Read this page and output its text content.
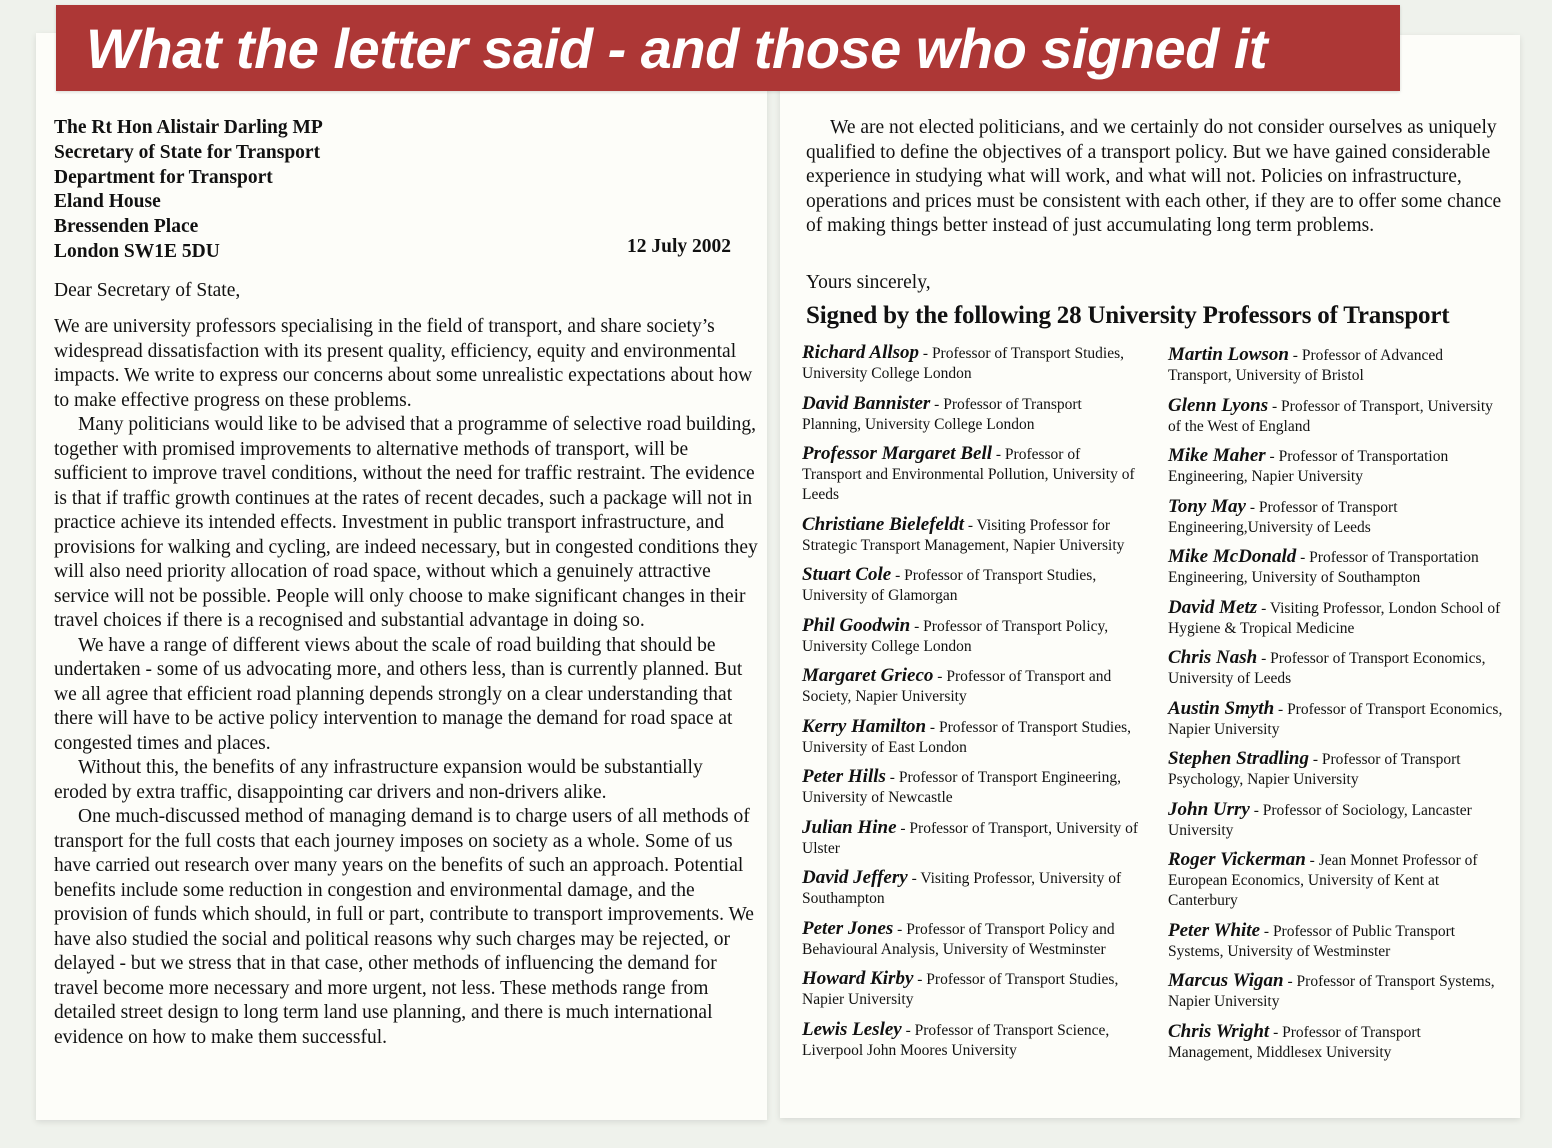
What the letter said - and those who signed it
The Rt Hon Alistair Darling MP
Secretary of State for Transport
Department for Transport
Eland House
Bressenden Place
London SW1E 5DU	12 July 2002
Dear Secretary of State,

We are university professors specialising in the field of transport, and share society’s widespread dissatisfaction with its present quality, efficiency, equity and environmental impacts. We write to express our concerns about some unrealistic expectations about how to make effective progress on these problems.

Many politicians would like to be advised that a programme of selective road building, together with promised improvements to alternative methods of transport, will be sufficient to improve travel conditions, without the need for traffic restraint. The evidence is that if traffic growth continues at the rates of recent decades, such a package will not in practice achieve its intended effects. Investment in public transport infrastructure, and provisions for walking and cycling, are indeed necessary, but in congested conditions they will also need priority allocation of road space, without which a genuinely attractive service will not be possible. People will only choose to make significant changes in their travel choices if there is a recognised and substantial advantage in doing so.

We have a range of different views about the scale of road building that should be undertaken - some of us advocating more, and others less, than is currently planned. But we all agree that efficient road planning depends strongly on a clear understanding that there will have to be active policy intervention to manage the demand for road space at congested times and places.

Without this, the benefits of any infrastructure expansion would be substantially eroded by extra traffic, disappointing car drivers and non-drivers alike.

One much-discussed method of managing demand is to charge users of all methods of transport for the full costs that each journey imposes on society as a whole. Some of us have carried out research over many years on the benefits of such an approach. Potential benefits include some reduction in congestion and environmental damage, and the provision of funds which should, in full or part, contribute to transport improvements. We have also studied the social and political reasons why such charges may be rejected, or delayed - but we stress that in that case, other methods of influencing the demand for travel become more necessary and more urgent, not less. These methods range from detailed street design to long term land use planning, and there is much international evidence on how to make them successful.

We are not elected politicians, and we certainly do not consider ourselves as uniquely qualified to define the objectives of a transport policy. But we have gained considerable experience in studying what will work, and what will not. Policies on infrastructure, operations and prices must be consistent with each other, if they are to offer some chance of making things better instead of just accumulating long term problems.

Yours sincerely,
Signed by the following 28 University Professors of Transport
Richard Allsop - Professor of Transport Studies, University College London
David Bannister - Professor of Transport Planning, University College London
Professor Margaret Bell - Professor of Transport and Environmental Pollution, University of Leeds
Christiane Bielefeldt - Visiting Professor for Strategic Transport Management, Napier University
Stuart Cole - Professor of Transport Studies, University of Glamorgan
Phil Goodwin - Professor of Transport Policy, University College London
Margaret Grieco - Professor of Transport and Society, Napier University
Kerry Hamilton - Professor of Transport Studies, University of East London
Peter Hills - Professor of Transport Engineering, University of Newcastle
Julian Hine - Professor of Transport, University of Ulster
David Jeffery - Visiting Professor, University of Southampton
Peter Jones - Professor of Transport Policy and Behavioural Analysis, University of Westminster
Howard Kirby - Professor of Transport Studies, Napier University
Lewis Lesley - Professor of Transport Science, Liverpool John Moores University
Martin Lowson - Professor of Advanced Transport, University of Bristol
Glenn Lyons - Professor of Transport, University of the West of England
Mike Maher - Professor of Transportation Engineering, Napier University
Tony May - Professor of Transport Engineering,University of Leeds
Mike McDonald - Professor of Transportation Engineering, University of Southampton
David Metz - Visiting Professor, London School of Hygiene & Tropical Medicine
Chris Nash - Professor of Transport Economics, University of Leeds
Austin Smyth - Professor of Transport Economics, Napier University
Stephen Stradling - Professor of Transport Psychology, Napier University
John Urry - Professor of Sociology, Lancaster University
Roger Vickerman - Jean Monnet Professor of European Economics, University of Kent at Canterbury
Peter White - Professor of Public Transport Systems, University of Westminster
Marcus Wigan - Professor of Transport Systems, Napier University
Chris Wright - Professor of Transport Management, Middlesex University
